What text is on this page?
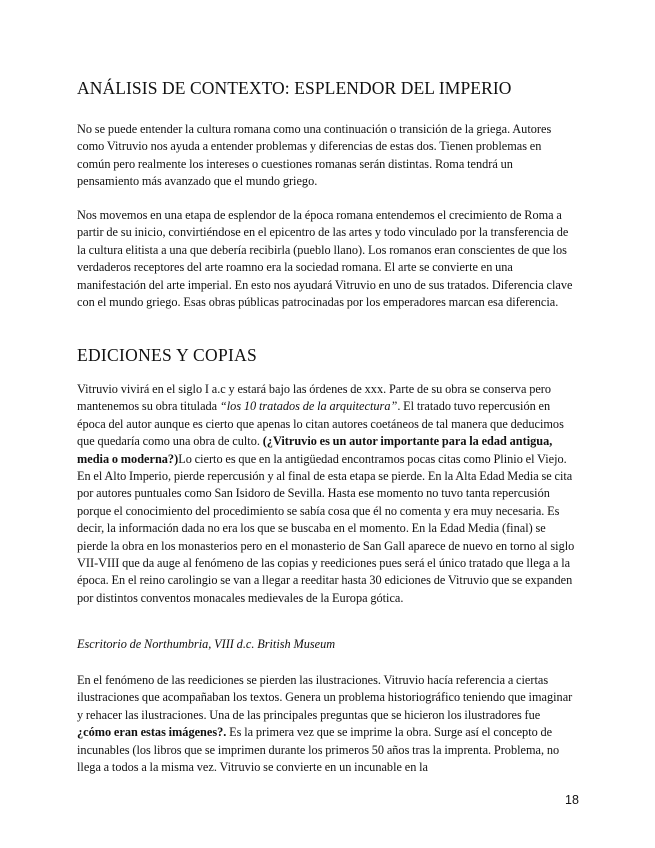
ANÁLISIS DE CONTEXTO: ESPLENDOR DEL IMPERIO

No se puede entender la cultura romana como una continuación o transición de la griega. Autores como Vitruvio nos ayuda a entender problemas y diferencias de estas dos. Tienen problemas en común pero realmente los intereses o cuestiones romanas serán distintas. Roma tendrá un pensamiento más avanzado que el mundo griego.

Nos movemos en una etapa de esplendor de la época romana entendemos el crecimiento de Roma a partir de su inicio, convirtiéndose en el epicentro de las artes y todo vinculado por la transferencia de la cultura elitista a una que debería recibirla (pueblo llano). Los romanos eran conscientes de que los verdaderos receptores del arte roamno era la sociedad romana. El arte se convierte en una manifestación del arte imperial. En esto nos ayudará Vitruvio en uno de sus tratados. Diferencia clave con el mundo griego. Esas obras públicas patrocinadas por los emperadores marcan esa diferencia.

EDICIONES Y COPIAS

Vitruvio vivirá en el siglo I a.c y estará bajo las órdenes de xxx. Parte de su obra se conserva pero mantenemos su obra titulada “los 10 tratados de la arquitectura”. El tratado tuvo repercusión en época del autor aunque es cierto que apenas lo citan autores coetáneos de tal manera que deducimos que quedaría como una obra de culto. (¿Vitruvio es un autor importante para la edad antigua, media o moderna?)Lo cierto es que en la antigüedad encontramos pocas citas como Plinio el Viejo. En el Alto Imperio, pierde repercusión y al final de esta etapa se pierde. En la Alta Edad Media se cita por autores puntuales como San Isidoro de Sevilla. Hasta ese momento no tuvo tanta repercusión porque el conocimiento del procedimiento se sabía cosa que él no comenta y era muy necesaria. Es decir, la información dada no era los que se buscaba en el momento. En la Edad Media (final) se pierde la obra en los monasterios pero en el monasterio de San Gall aparece de nuevo en torno al siglo VII-VIII que da auge al fenómeno de las copias y reediciones pues será el único tratado que llega a la época. En el reino carolingio se van a llegar a reeditar hasta 30 ediciones de Vitruvio que se expanden por distintos conventos monacales medievales de la Europa gótica.

Escritorio de Northumbria, VIII d.c. British Museum

En el fenómeno de las reediciones se pierden las ilustraciones. Vitruvio hacía referencia a ciertas ilustraciones que acompañaban los textos. Genera un problema historiográfico teniendo que imaginar y rehacer las ilustraciones. Una de las principales preguntas que se hicieron los ilustradores fue ¿cómo eran estas imágenes?. Es la primera vez que se imprime la obra. Surge así el concepto de incunables (los libros que se imprimen durante los primeros 50 años tras la imprenta. Problema, no llega a todos a la misma vez. Vitruvio se convierte en un incunable en la

18
